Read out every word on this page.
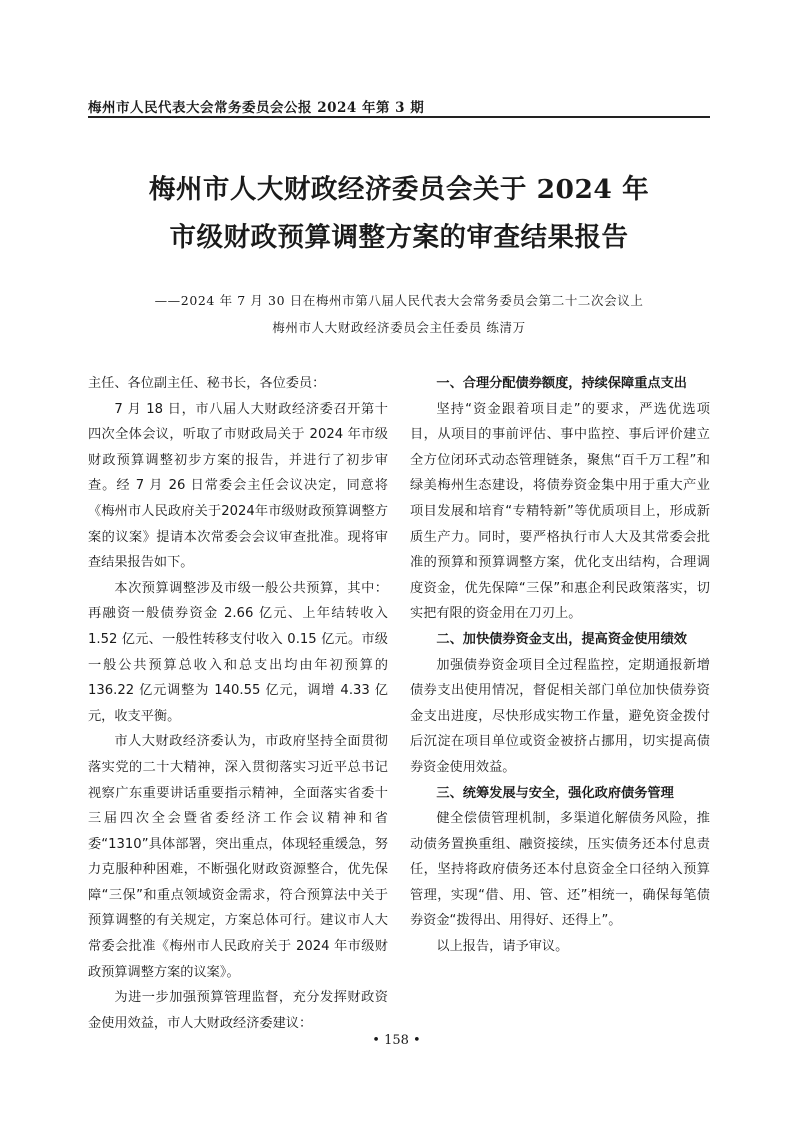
梅州市人民代表大会常务委员会公报 2024 年第 3 期
梅州市人大财政经济委员会关于 2024 年
市级财政预算调整方案的审查结果报告
——2024 年 7 月 30 日在梅州市第八届人民代表大会常务委员会第二十二次会议上
梅州市人大财政经济委员会主任委员 练清万

主任、各位副主任、秘书长，各位委员：

7 月 18 日，市八届人大财政经济委召开第十四次全体会议，听取了市财政局关于 2024 年市级财政预算调整初步方案的报告，并进行了初步审查。经 7 月 26 日常委会主任会议决定，同意将《梅州市人民政府关于2024年市级财政预算调整方案的议案》提请本次常委会会议审查批准。现将审查结果报告如下。

本次预算调整涉及市级一般公共预算，其中：再融资一般债券资金 2.66 亿元、上年结转收入 1.52 亿元、一般性转移支付收入 0.15 亿元。市级一般公共预算总收入和总支出均由年初预算的 136.22 亿元调整为 140.55 亿元，调增 4.33 亿元，收支平衡。

市人大财政经济委认为，市政府坚持全面贯彻落实党的二十大精神，深入贯彻落实习近平总书记视察广东重要讲话重要指示精神，全面落实省委十三届四次全会暨省委经济工作会议精神和省委“1310”具体部署，突出重点，体现轻重缓急，努力克服种种困难，不断强化财政资源整合，优先保障“三保”和重点领域资金需求，符合预算法中关于预算调整的有关规定，方案总体可行。建议市人大常委会批准《梅州市人民政府关于 2024 年市级财政预算调整方案的议案》。

为进一步加强预算管理监督，充分发挥财政资金使用效益，市人大财政经济委建议：

一、合理分配债券额度，持续保障重点支出

坚持“资金跟着项目走”的要求，严选优选项目，从项目的事前评估、事中监控、事后评价建立全方位闭环式动态管理链条，聚焦“百千万工程”和绿美梅州生态建设，将债券资金集中用于重大产业项目发展和培育“专精特新”等优质项目上，形成新质生产力。同时，要严格执行市人大及其常委会批准的预算和预算调整方案，优化支出结构，合理调度资金，优先保障“三保”和惠企利民政策落实，切实把有限的资金用在刀刃上。

二、加快债券资金支出，提高资金使用绩效

加强债券资金项目全过程监控，定期通报新增债券支出使用情况，督促相关部门单位加快债券资金支出进度，尽快形成实物工作量，避免资金拨付后沉淀在项目单位或资金被挤占挪用，切实提高债券资金使用效益。

三、统筹发展与安全，强化政府债务管理

健全偿债管理机制，多渠道化解债务风险，推动债务置换重组、融资接续，压实债务还本付息责任，坚持将政府债务还本付息资金全口径纳入预算管理，实现“借、用、管、还”相统一，确保每笔债券资金“拨得出、用得好、还得上”。

以上报告，请予审议。

• 158 •
